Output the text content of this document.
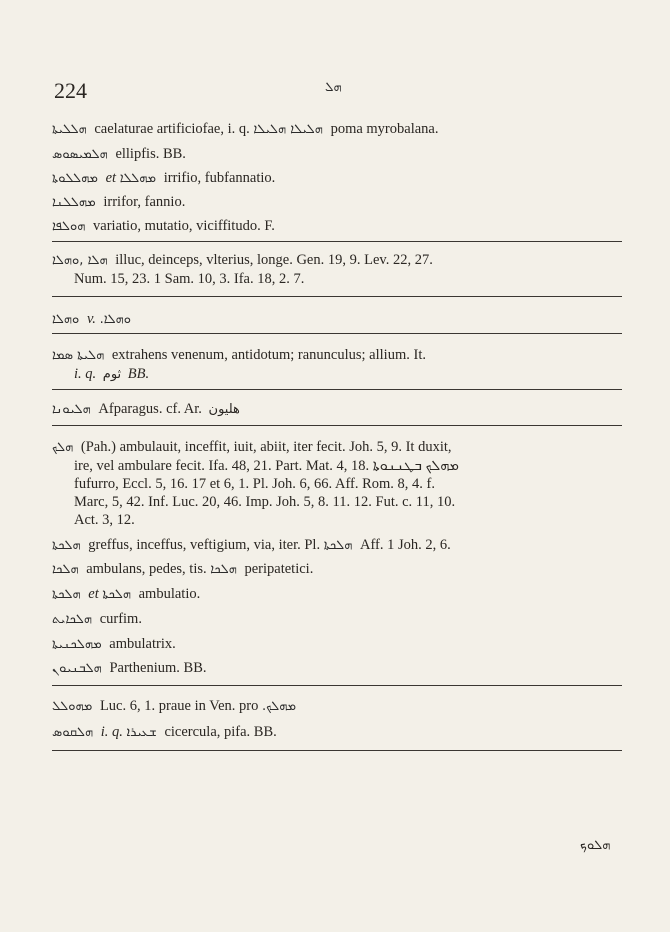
224	ܗܠ
ܗܠܠܝܬܐ caelaturae artificiofae, i. q. ܗܠܝܠܐ ܗܠܝܠܐ poma myrobalana.
ܗܠܡܝܣܘܣ ellipfis. BB.
ܡܗܠܠܘܬܐ et ܡܗܠܠܐ irrifio, fubfannatio.
ܡܗܠܠܢܐ irrifor, fannio.
ܗܘܠܦܐ variatio, mutatio, viciffitudo. F.
ܗܠܐ ,ܘܗܠܐ illuc, deinceps, vlterius, longe. Gen. 19, 9. Lev. 22, 27.
Num. 15, 23. 1 Sam. 10, 3. Ifa. 18, 2. 7.
ܘܗܠܐ v. ܘܗܠܐ.
ܗܠܝܬܐ ܣܡܐ extrahens venenum, antidotum; ranunculus; allium. It.
i. q. ثوم BB.
ܗܠܝܘܢܐ Afparagus. cf. Ar. هليون
ܗܠܟ (Pah.) ambulauit, inceffit, iuit, abiit, iter fecit. Joh. 5, 9. It duxit,
ire, vel ambulare fecit. Ifa. 48, 21. Part. Mat. 4, 18. ܡܗܠܟ ܒܛܢܢܘܬܐ
fufurro, Eccl. 5, 16. 17 et 6, 1. Pl. Joh. 6, 66. Aff. Rom. 8, 4. f.
Marc, 5, 42. Inf. Luc. 20, 46. Imp. Joh. 5, 8. 11. 12. Fut. c. 11, 10.
Act. 3, 12.
ܗܠܟܬܐ greffus, inceffus, veftigium, via, iter. Pl. ܗܠܟܬܐ Aff. 1 Joh. 2, 6.
ܗܠܟܐ ambulans, pedes, tis. ܗܠܟܐ peripatetici.
ܗܠܟܬܐ et ܗܠܟܬܐ ambulatio.
ܗܠܟܐܝܬ curfim.
ܡܗܠܟܢܝܬܐ ambulatrix.
ܗܠܒܢܝܘܢ Parthenium. BB.
ܡܗܘܠܠ Luc. 6, 1. praue in Ven. pro ܡܗܠܟ.
ܗܠܩܘܣ i. q. ܫܥܝܪܐ cicercula, pifa. BB.
ܗܠܘܟ
